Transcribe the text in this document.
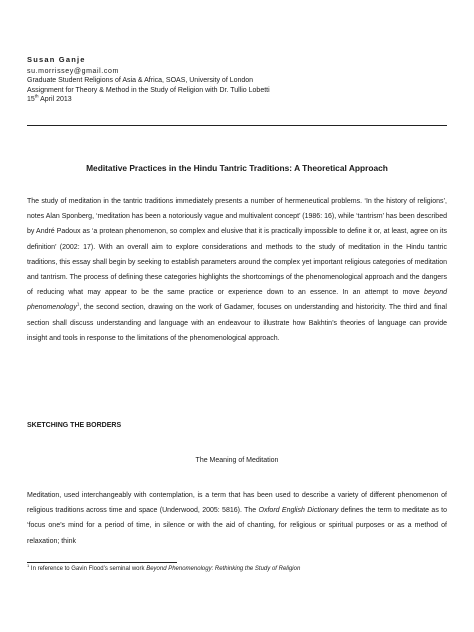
Susan Ganje
su.morrissey@gmail.com
Graduate Student Religions of Asia & Africa, SOAS, University of London
Assignment for Theory & Method in the Study of Religion with Dr. Tullio Lobetti
15th April 2013
Meditative Practices in the Hindu Tantric Traditions: A Theoretical Approach
The study of meditation in the tantric traditions immediately presents a number of hermeneutical problems. ‘In the history of religions’, notes Alan Sponberg, ‘meditation has been a notoriously vague and multivalent concept’ (1986: 16), while ‘tantrism’ has been described by André Padoux as ‘a protean phenomenon, so complex and elusive that it is practically impossible to define it or, at least, agree on its definition’ (2002: 17). With an overall aim to explore considerations and methods to the study of meditation in the Hindu tantric traditions, this essay shall begin by seeking to establish parameters around the complex yet important religious categories of meditation and tantrism. The process of defining these categories highlights the shortcomings of the phenomenological approach and the dangers of reducing what may appear to be the same practice or experience down to an essence. In an attempt to move beyond phenomenology$^1$, the second section, drawing on the work of Gadamer, focuses on understanding and historicity. The third and final section shall discuss understanding and language with an endeavour to illustrate how Bakhtin’s theories of language can provide insight and tools in response to the limitations of the phenomenological approach.
SKETCHING THE BORDERS
The Meaning of Meditation
Meditation, used interchangeably with contemplation, is a term that has been used to describe a variety of different phenomenon of religious traditions across time and space (Underwood, 2005: 5816). The Oxford English Dictionary defines the term to meditate as to ‘focus one’s mind for a period of time, in silence or with the aid of chanting, for religious or spiritual purposes or as a method of relaxation; think
$^1$ In reference to Gavin Flood’s seminal work Beyond Phenomenology: Rethinking the Study of Religion
